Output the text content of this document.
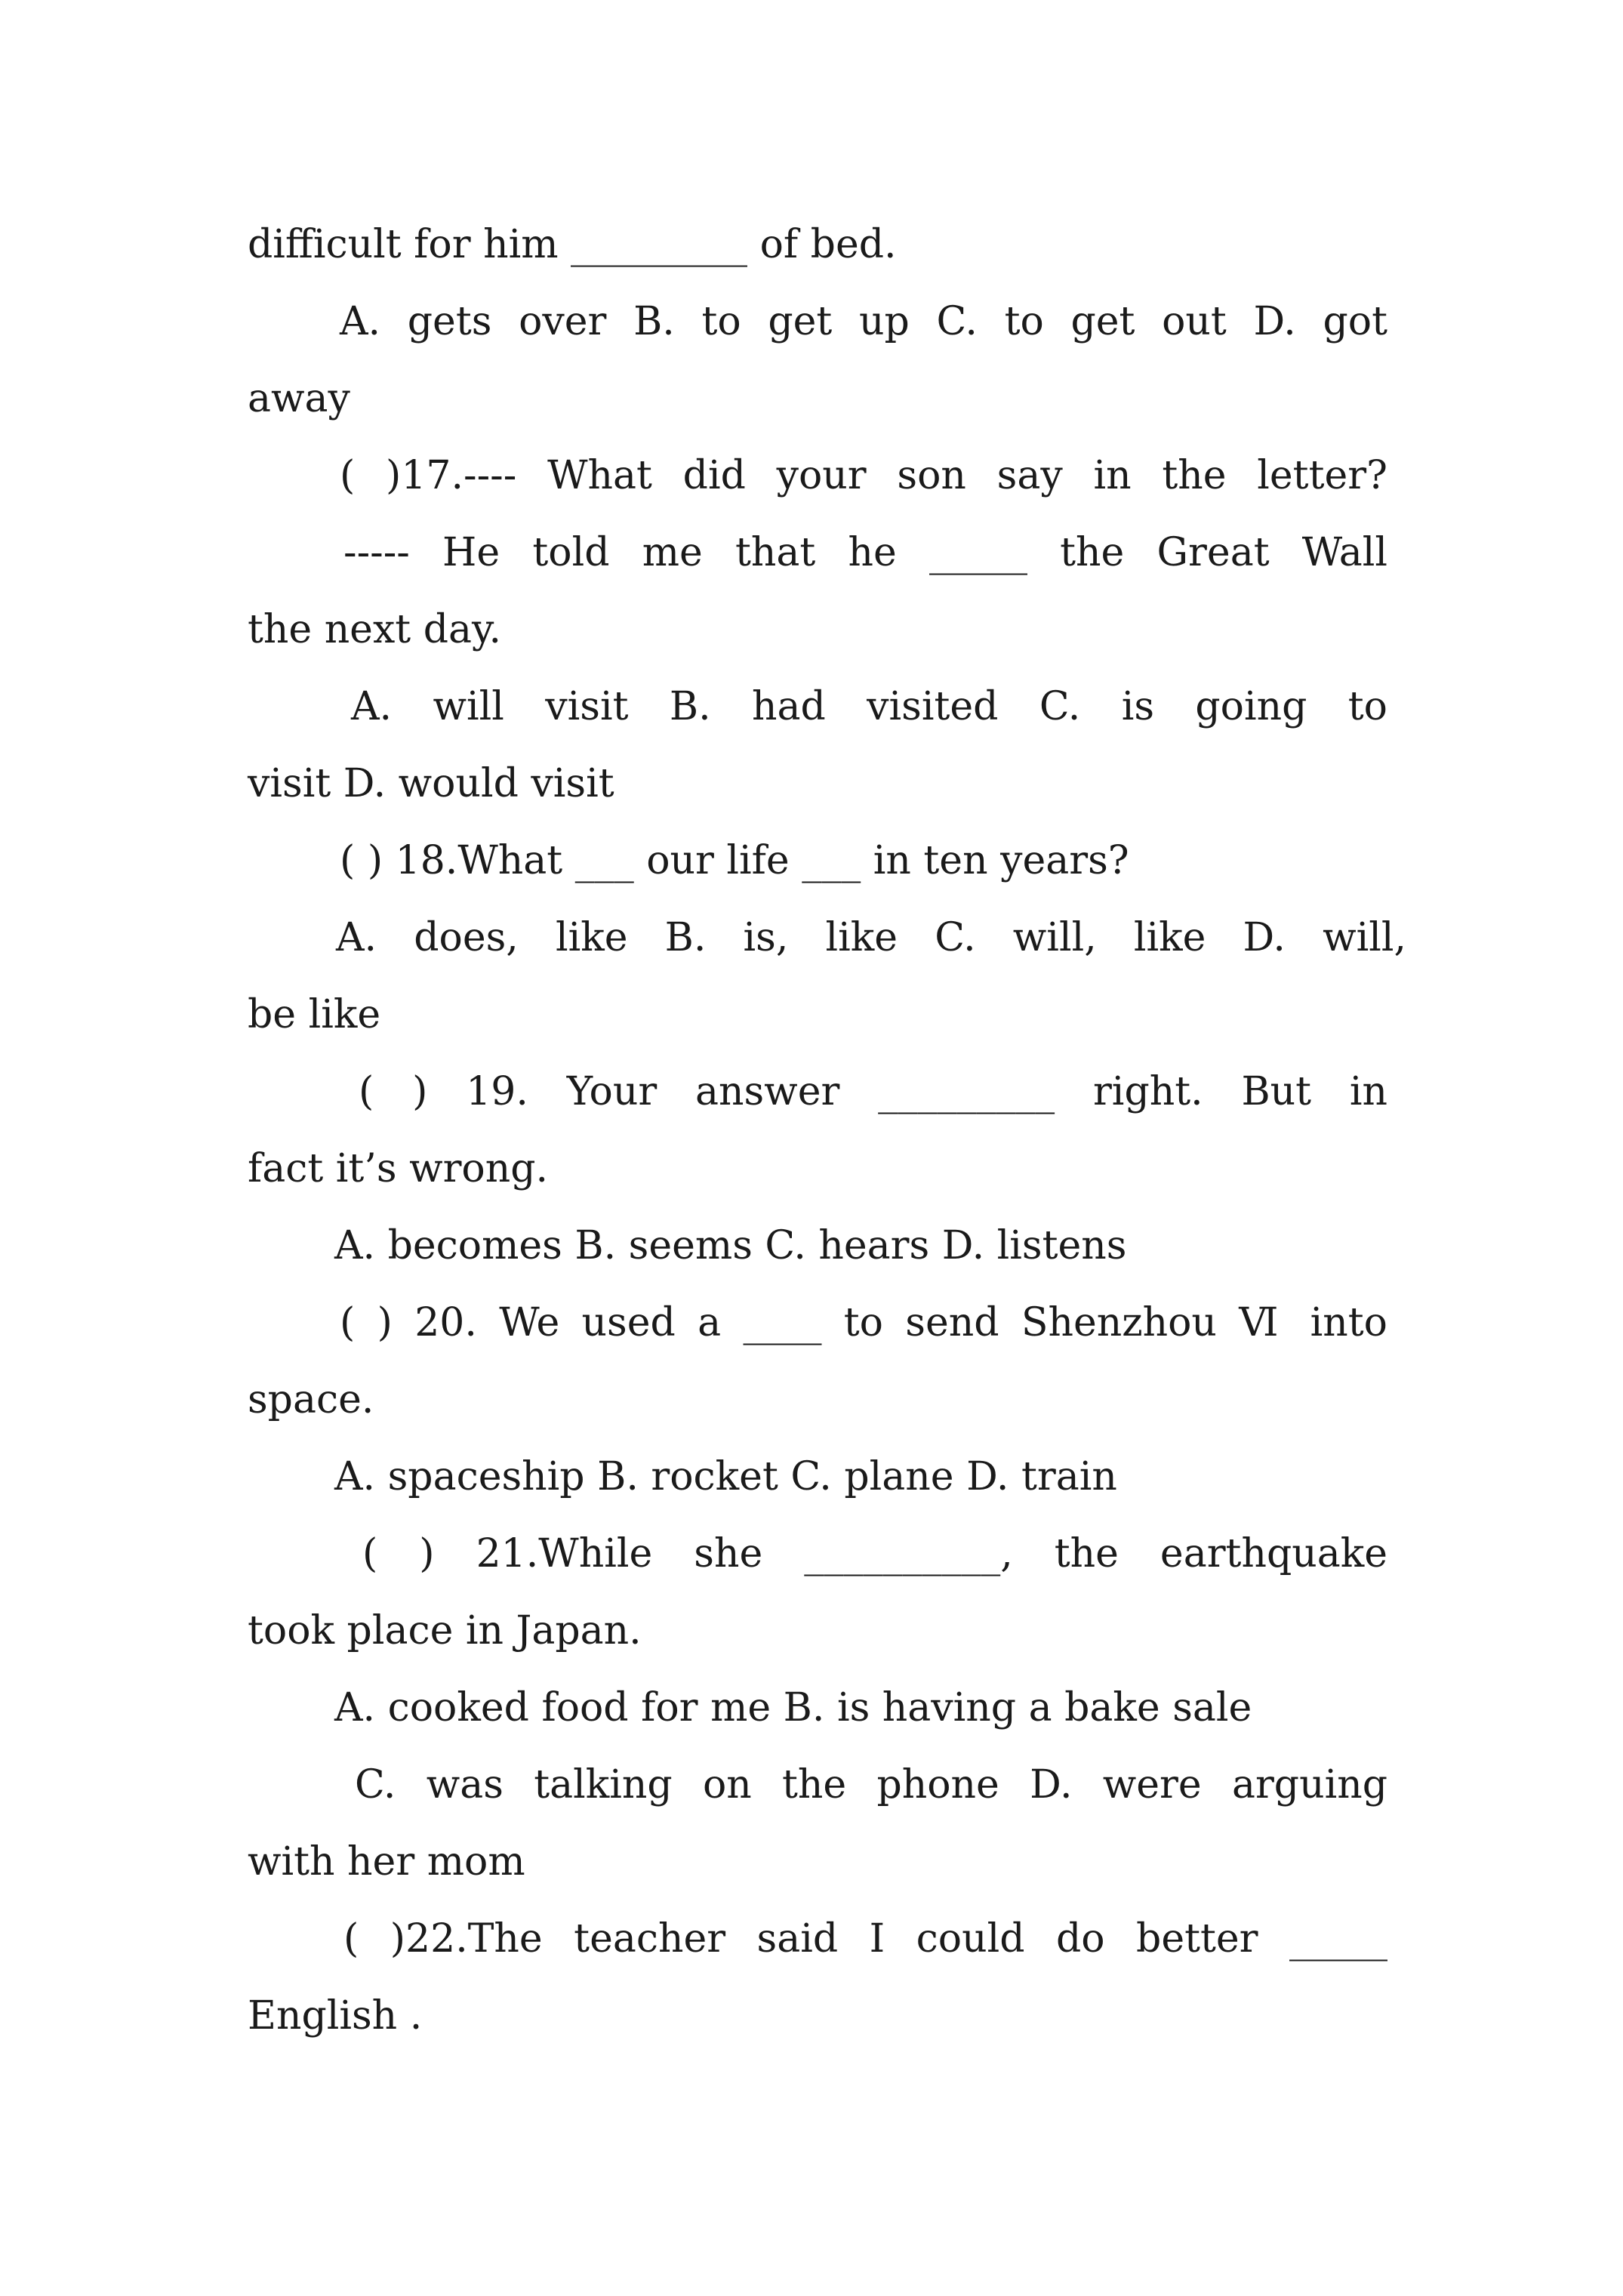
difficult for him _________ of bed.
A. gets over B. to get up C. to get out D. got
away
( )17.---- What did your son say in the letter?
----- He told me that he _____ the Great Wall
the next day.
A. will visit B. had visited C. is going to
visit D. would visit
( ) 18.What ___ our life ___ in ten years?
A. does, like B. is, like C. will, like D. will,
be like
( ) 19. Your answer _________ right. But in
fact it’s wrong.
A. becomes B. seems C. hears D. listens
( ) 20. We used a ____ to send Shenzhou Ⅵ into
space.
A. spaceship B. rocket C. plane D. train
( ) 21.While she __________, the earthquake
took place in Japan.
A. cooked food for me B. is having a bake sale
C. was talking on the phone D. were arguing
with her mom
( )22.The teacher said I could do better _____
English .
